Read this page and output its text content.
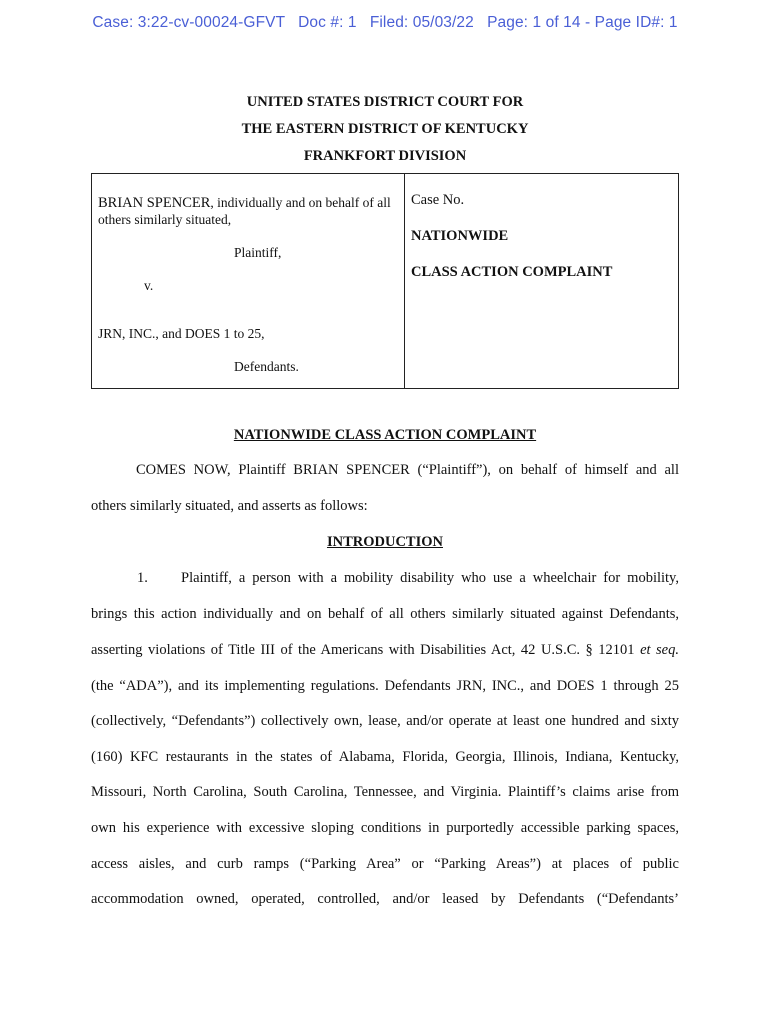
Case: 3:22-cv-00024-GFVT   Doc #: 1   Filed: 05/03/22   Page: 1 of 14 - Page ID#: 1
UNITED STATES DISTRICT COURT FOR
THE EASTERN DISTRICT OF KENTUCKY
FRANKFORT DIVISION
BRIAN SPENCER, individually and on behalf of all
others similarly situated,
Plaintiff,
v.
JRN, INC., and DOES 1 to 25,
Defendants.
Case No.
NATIONWIDE
CLASS ACTION COMPLAINT
NATIONWIDE CLASS ACTION COMPLAINT
COMES NOW, Plaintiff BRIAN SPENCER (“Plaintiff”), on behalf of himself and all
others similarly situated, and asserts as follows:
INTRODUCTION
1. Plaintiff, a person with a mobility disability who use a wheelchair for mobility,
brings this action individually and on behalf of all others similarly situated against Defendants,
asserting violations of Title III of the Americans with Disabilities Act, 42 U.S.C. § 12101 et seq.
(the “ADA”), and its implementing regulations. Defendants JRN, INC., and DOES 1 through 25
(collectively, “Defendants”) collectively own, lease, and/or operate at least one hundred and sixty
(160) KFC restaurants in the states of Alabama, Florida, Georgia, Illinois, Indiana, Kentucky,
Missouri, North Carolina, South Carolina, Tennessee, and Virginia. Plaintiff’s claims arise from
own his experience with excessive sloping conditions in purportedly accessible parking spaces,
access aisles, and curb ramps (“Parking Area” or “Parking Areas”) at places of public
accommodation owned, operated, controlled, and/or leased by Defendants (“Defendants’
